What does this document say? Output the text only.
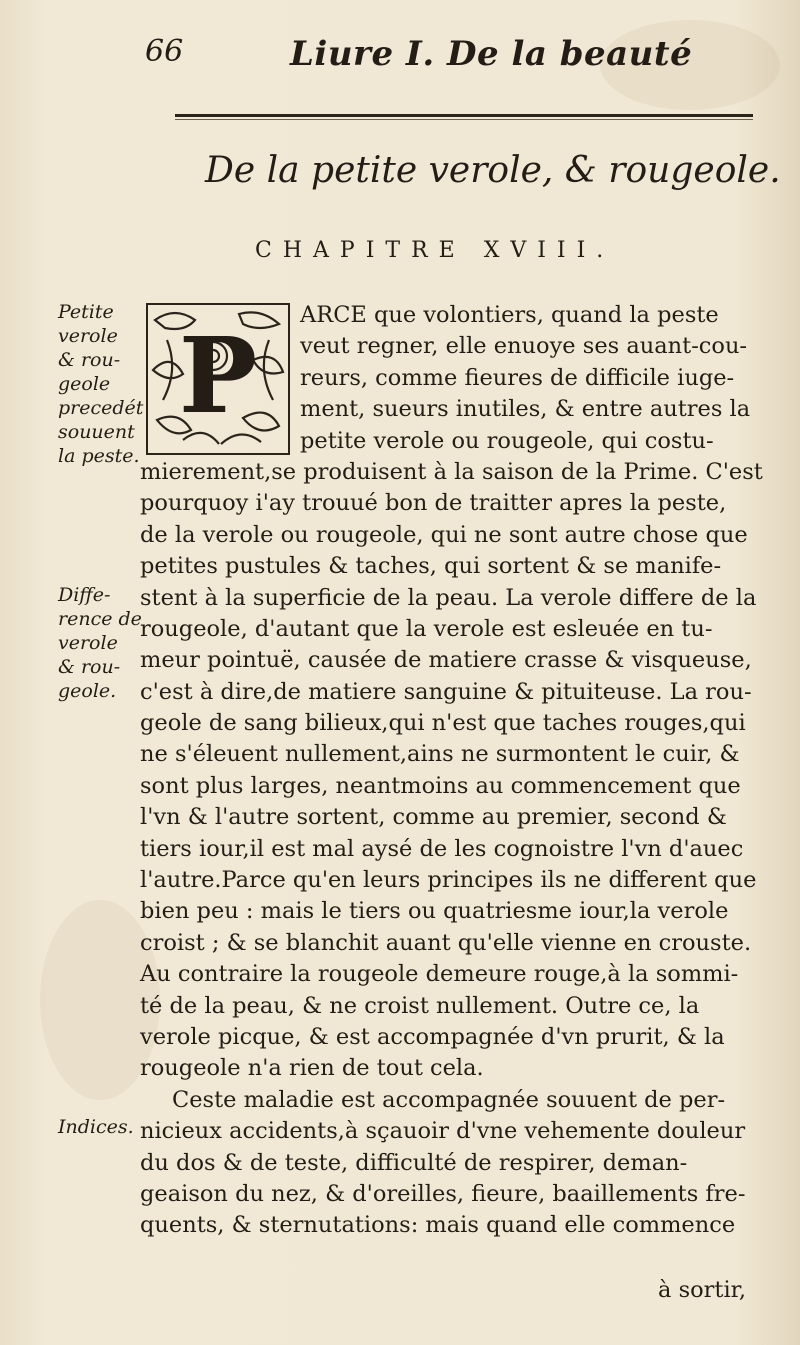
66	Liure I. De la beauté
De la petite verole, & rougeole.
CHAPITRE XVIII.

Petite
verole
& rou-
geole
precedét
souuent
la peste.

Diffe-
rence de
verole
& rou-
geole.

Indices.

P	ARCE que volontiers, quand la peste
veut regner, elle enuoye ses auant-cou-
reurs, comme fieures de difficile iuge-
ment, sueurs inutiles, & entre autres la
petite verole ou rougeole, qui costu-
mierement,se produisent à la saison de la Prime. C'est
pourquoy i'ay trouué bon de traitter apres la peste,
de la verole ou rougeole, qui ne sont autre chose que
petites pustules & taches, qui sortent & se manife-
stent à la superficie de la peau. La verole differe de la
rougeole, d'autant que la verole est esleuée en tu-
meur pointuë, causée de matiere crasse & visqueuse,
c'est à dire,de matiere sanguine & pituiteuse. La rou-
geole de sang bilieux,qui n'est que taches rouges,qui
ne s'éleuent nullement,ains ne surmontent le cuir, &
sont plus larges, neantmoins au commencement que
l'vn & l'autre sortent, comme au premier, second &
tiers iour,il est mal aysé de les cognoistre l'vn d'auec
l'autre.Parce qu'en leurs principes ils ne different que
bien peu : mais le tiers ou quatriesme iour,la verole
croist ; & se blanchit auant qu'elle vienne en crouste.
Au contraire la rougeole demeure rouge,à la sommi-
té de la peau, & ne croist nullement. Outre ce, la
verole picque, & est accompagnée d'vn prurit, & la
rougeole n'a rien de tout cela.
Ceste maladie est accompagnée souuent de per-
nicieux accidents,à sçauoir d'vne vehemente douleur
du dos & de teste, difficulté de respirer, deman-
geaison du nez, & d'oreilles, fieure, baaillements fre-
quents, & sternutations: mais quand elle commence
à sortir,
